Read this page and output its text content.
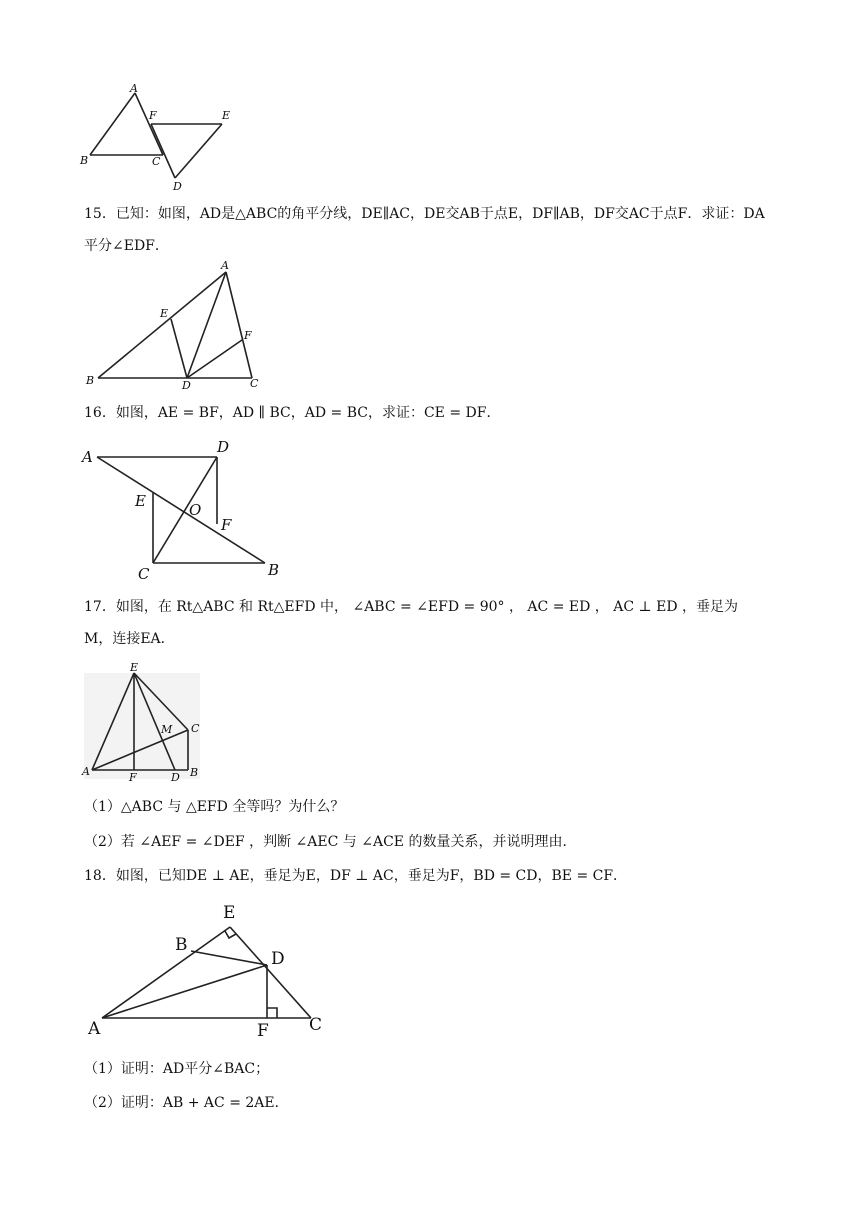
A
B	C
D
E
F
15．已知：如图，AD是△ABC的角平分线，DE∥AC，DE交AB于点E，DF∥AB，DF交AC于点F．求证：DA
平分∠EDF．
A
B	C
D
E
F
16．如图，AE = BF，AD ∥ BC，AD = BC，求证：CE = DF．
A
B
C
D
E
F
O
17．如图，在 Rt△ABC 和 Rt△EFD 中， ∠ABC = ∠EFD = 90° ， AC = ED ， AC ⊥ ED ，垂足为
M，连接EA．
E
A	F	D B
C
M
（1）△ABC 与 △EFD 全等吗？为什么？
（2）若 ∠AEF = ∠DEF ，判断 ∠AEC 与 ∠ACE 的数量关系，并说明理由．
18．如图，已知DE ⊥ AE，垂足为E，DF ⊥ AC，垂足为F，BD = CD，BE = CF．
E
B
D
A	F C
（1）证明：AD平分∠BAC；
（2）证明：AB + AC = 2AE．
